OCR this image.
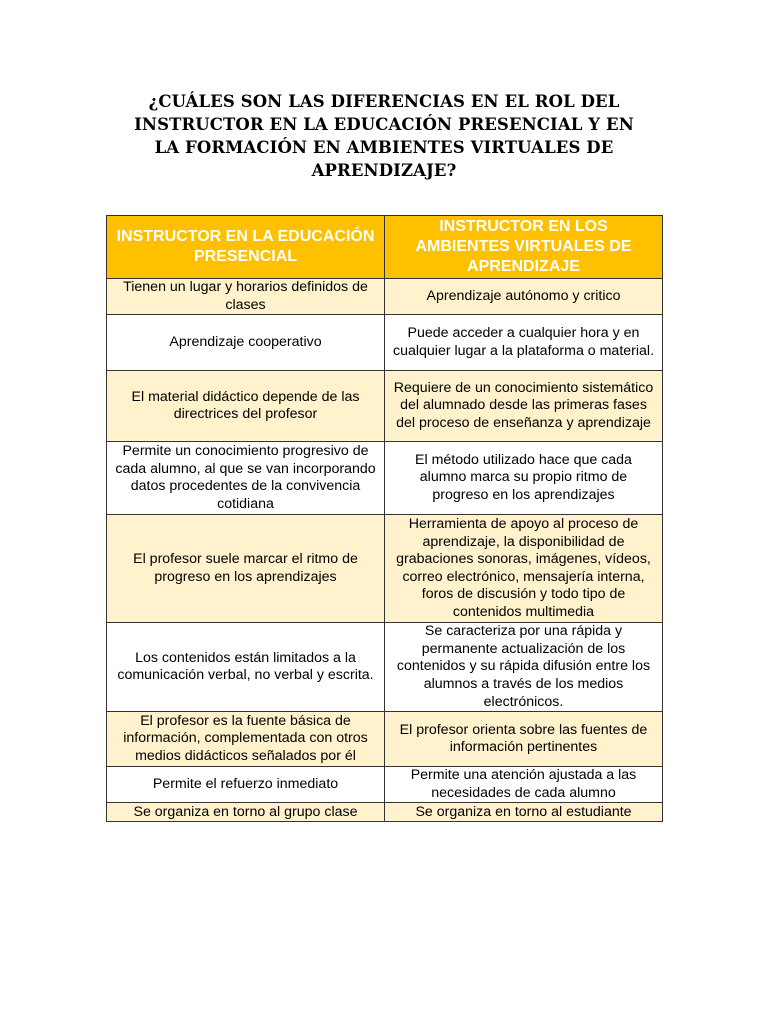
¿CUÁLES SON LAS DIFERENCIAS EN EL ROL DEL INSTRUCTOR EN LA EDUCACIÓN PRESENCIAL Y EN LA FORMACIÓN EN AMBIENTES VIRTUALES DE APRENDIZAJE?
INSTRUCTOR EN LA EDUCACIÓN PRESENCIAL	INSTRUCTOR EN LOS AMBIENTES VIRTUALES DE APRENDIZAJE
Tienen un lugar y horarios definidos de clases	Aprendizaje autónomo y critico
Aprendizaje cooperativo	Puede acceder a cualquier hora y en cualquier lugar a la plataforma o material.
El material didáctico depende de las directrices del profesor	Requiere de un conocimiento sistemático del alumnado desde las primeras fases del proceso de enseñanza y aprendizaje
Permite un conocimiento progresivo de cada alumno, al que se van incorporando datos procedentes de la convivencia cotidiana	El método utilizado hace que cada alumno marca su propio ritmo de progreso en los aprendizajes
El profesor suele marcar el ritmo de progreso en los aprendizajes	Herramienta de apoyo al proceso de aprendizaje, la disponibilidad de grabaciones sonoras, imágenes, vídeos, correo electrónico, mensajería interna, foros de discusión y todo tipo de contenidos multimedia
Los contenidos están limitados a la comunicación verbal, no verbal y escrita.	Se caracteriza por una rápida y permanente actualización de los contenidos y su rápida difusión entre los alumnos a través de los medios electrónicos.
El profesor es la fuente básica de información, complementada con otros medios didácticos señalados por él	El profesor orienta sobre las fuentes de información pertinentes
Permite el refuerzo inmediato	Permite una atención ajustada a las necesidades de cada alumno
Se organiza en torno al grupo clase	Se organiza en torno al estudiante
